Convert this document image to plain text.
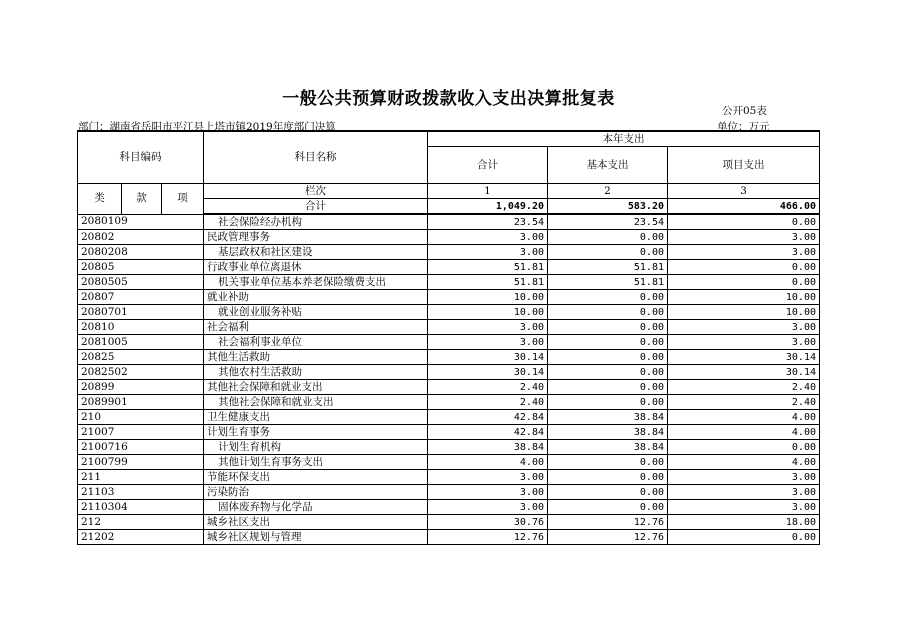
一般公共预算财政拨款收入支出决算批复表
公开05表
部门：湖南省岳阳市平江县上塔市镇2019年度部门决算	单位：万元
科目编码			科目名称	本年支出		
				合计	基本支出	项目支出
类	款	项	栏次	1	2	3
			合计	1,049.20	583.20	466.00
2080109			社会保险经办机构	23.54	23.54	0.00
20802			民政管理事务	3.00	0.00	3.00
2080208			基层政权和社区建设	3.00	0.00	3.00
20805			行政事业单位离退休	51.81	51.81	0.00
2080505			机关事业单位基本养老保险缴费支出	51.81	51.81	0.00
20807			就业补助	10.00	0.00	10.00
2080701			就业创业服务补贴	10.00	0.00	10.00
20810			社会福利	3.00	0.00	3.00
2081005			社会福利事业单位	3.00	0.00	3.00
20825			其他生活救助	30.14	0.00	30.14
2082502			其他农村生活救助	30.14	0.00	30.14
20899			其他社会保障和就业支出	2.40	0.00	2.40
2089901			其他社会保障和就业支出	2.40	0.00	2.40
210			卫生健康支出	42.84	38.84	4.00
21007			计划生育事务	42.84	38.84	4.00
2100716			计划生育机构	38.84	38.84	0.00
2100799			其他计划生育事务支出	4.00	0.00	4.00
211			节能环保支出	3.00	0.00	3.00
21103			污染防治	3.00	0.00	3.00
2110304			固体废弃物与化学品	3.00	0.00	3.00
212			城乡社区支出	30.76	12.76	18.00
21202			城乡社区规划与管理	12.76	12.76	0.00
